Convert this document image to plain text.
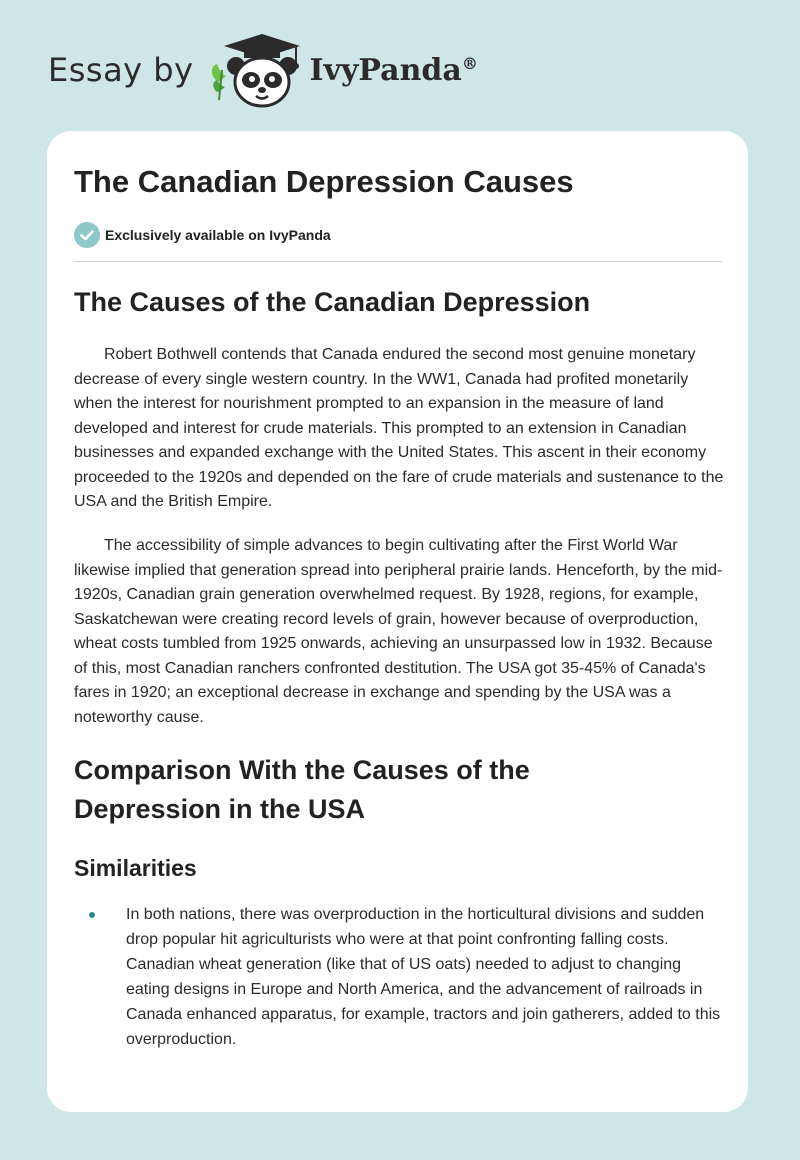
Essay by	IvyPanda®
The Canadian Depression Causes
Exclusively available on IvyPanda
The Causes of the Canadian Depression

Robert Bothwell contends that Canada endured the second most genuine monetary decrease of every single western country. In the WW1, Canada had profited monetarily when the interest for nourishment prompted to an expansion in the measure of land developed and interest for crude materials. This prompted to an extension in Canadian businesses and expanded exchange with the United States. This ascent in their economy proceeded to the 1920s and depended on the fare of crude materials and sustenance to the USA and the British Empire.

The accessibility of simple advances to begin cultivating after the First World War likewise implied that generation spread into peripheral prairie lands. Henceforth, by the mid-1920s, Canadian grain generation overwhelmed request. By 1928, regions, for example, Saskatchewan were creating record levels of grain, however because of overproduction, wheat costs tumbled from 1925 onwards, achieving an unsurpassed low in 1932. Because of this, most Canadian ranchers confronted destitution. The USA got 35-45% of Canada's fares in 1920; an exceptional decrease in exchange and spending by the USA was a noteworthy cause.

Comparison With the Causes of the Depression in the USA
Similarities
In both nations, there was overproduction in the horticultural divisions and sudden drop popular hit agriculturists who were at that point confronting falling costs. Canadian wheat generation (like that of US oats) needed to adjust to changing eating designs in Europe and North America, and the advancement of railroads in Canada enhanced apparatus, for example, tractors and join gatherers, added to this overproduction.
